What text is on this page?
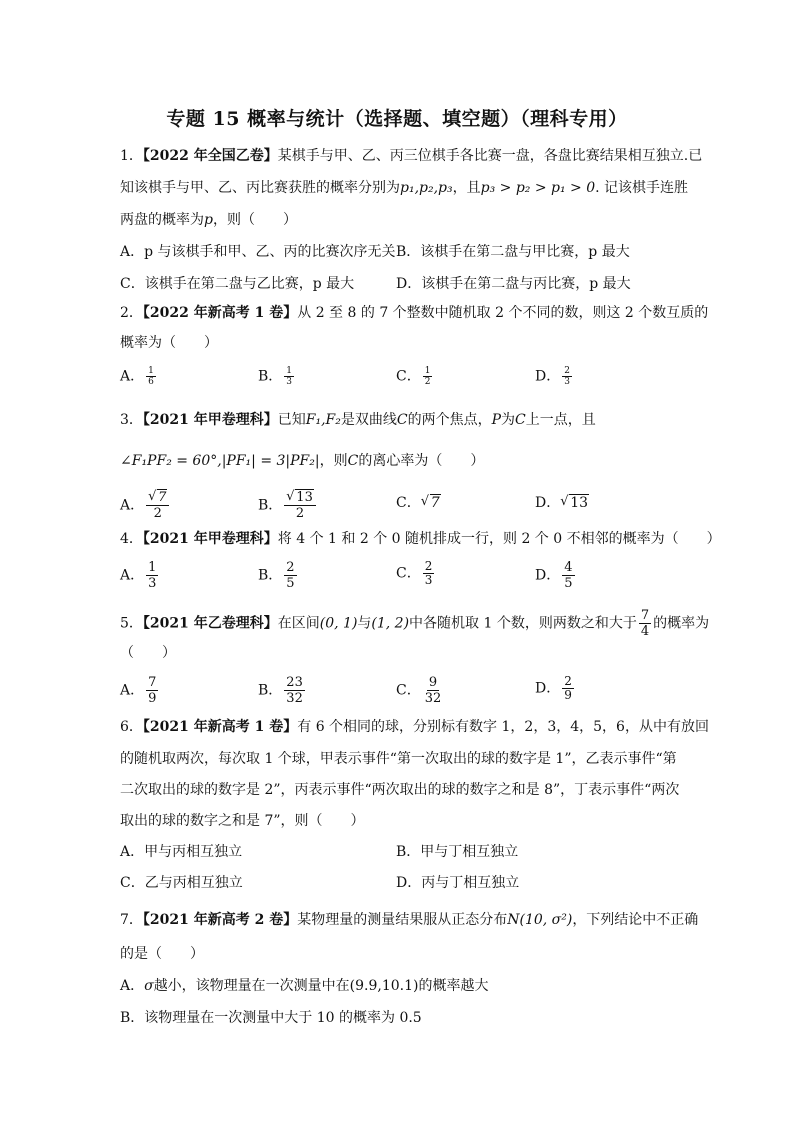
专题 15 概率与统计（选择题、填空题）（理科专用）
1．【2022 年全国乙卷】某棋手与甲、乙、丙三位棋手各比赛一盘，各盘比赛结果相互独立.已
知该棋手与甲、乙、丙比赛获胜的概率分别为p₁,p₂,p₃，且p₃ > p₂ > p₁ > 0. 记该棋手连胜
两盘的概率为p，则（　　）
A．p 与该棋手和甲、乙、丙的比赛次序无关 B．该棋手在第二盘与甲比赛，p 最大
C．该棋手在第二盘与乙比赛，p 最大	D．该棋手在第二盘与丙比赛，p 最大
2．【2022 年新高考 1 卷】从 2 至 8 的 7 个整数中随机取 2 个不同的数，则这 2 个数互质的
概率为（　　）
A． $\frac{1}{6}$	B． $\frac{1}{3}$	C． $\frac{1}{2}$	D． $\frac{2}{3}$
3．【2021 年甲卷理科】已知F₁,F₂是双曲线C的两个焦点，P为C上一点，且
∠F₁PF₂ = 60°,|PF₁| = 3|PF₂|，则C的离心率为（　　）
A． √ $\frac{7}{2}$	B． √ $\frac{13}{2}$	C． √ 7	D． √ 13
4．【2021 年甲卷理科】将 4 个 1 和 2 个 0 随机排成一行，则 2 个 0 不相邻的概率为（　　）
A． $\frac{1}{3}$	B． $\frac{2}{5}$	C． $\frac{2}{3}$	D． $\frac{4}{5}$
5．【2021 年乙卷理科】在区间(0, 1)与(1, 2)中各随机取 1 个数，则两数之和大于 $\frac{7}{4}$ 的概率为
（　　）
A． $\frac{7}{9}$	B． $\frac{23}{32}$	C． $\frac{9}{32}$	D． $\frac{2}{9}$
6．【2021 年新高考 1 卷】有 6 个相同的球，分别标有数字 1，2，3，4，5，6，从中有放回
的随机取两次，每次取 1 个球，甲表示事件“第一次取出的球的数字是 1”，乙表示事件“第
二次取出的球的数字是 2”，丙表示事件“两次取出的球的数字之和是 8”，丁表示事件“两次
取出的球的数字之和是 7”，则（　　）
A．甲与丙相互独立	B．甲与丁相互独立
C．乙与丙相互独立	D．丙与丁相互独立
7．【2021 年新高考 2 卷】某物理量的测量结果服从正态分布N(10, σ²)，下列结论中不正确
的是（　　）
A．σ越小，该物理量在一次测量中在(9.9,10.1)的概率越大
B．该物理量在一次测量中大于 10 的概率为 0.5
